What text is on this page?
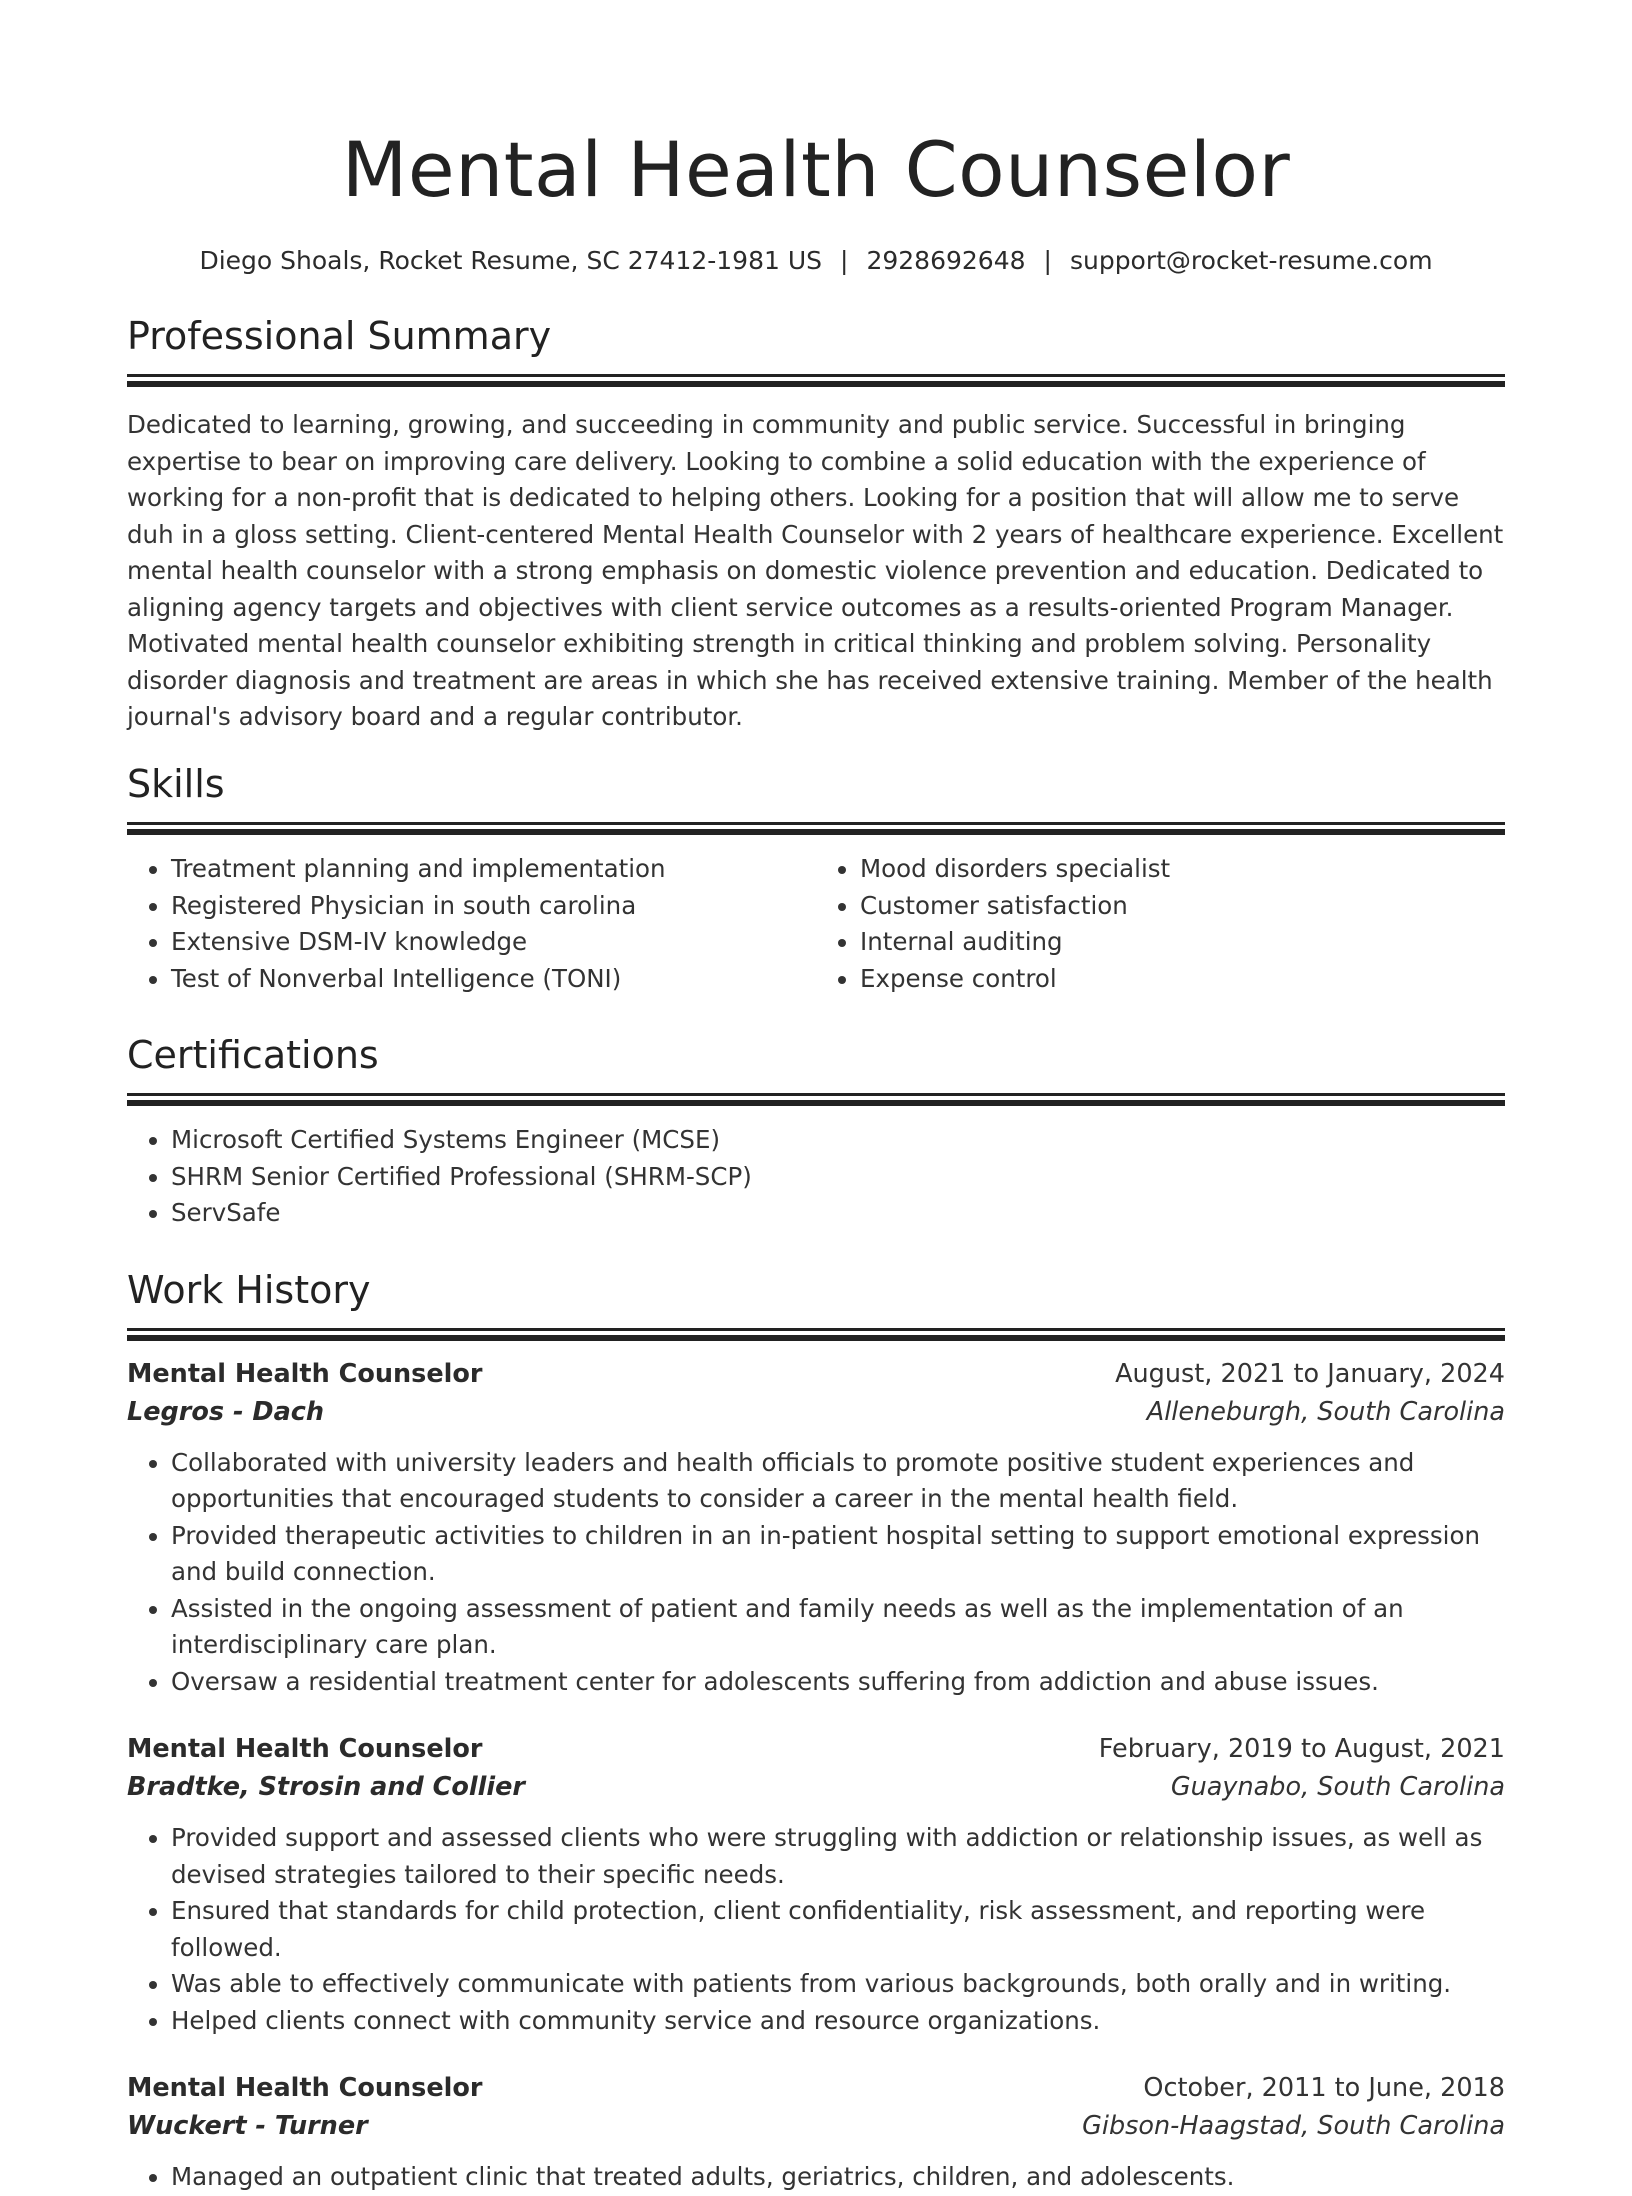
Mental Health Counselor
Diego Shoals, Rocket Resume, SC 27412-1981 US | 2928692648 | support@rocket-resume.com
Professional Summary

Dedicated to learning, growing, and succeeding in community and public service. Successful in bringing expertise to bear on improving care delivery. Looking to combine a solid education with the experience of working for a non-profit that is dedicated to helping others. Looking for a position that will allow me to serve duh in a gloss setting. Client-centered Mental Health Counselor with 2 years of healthcare experience. Excellent mental health counselor with a strong emphasis on domestic violence prevention and education. Dedicated to aligning agency targets and objectives with client service outcomes as a results-oriented Program Manager. Motivated mental health counselor exhibiting strength in critical thinking and problem solving. Personality disorder diagnosis and treatment are areas in which she has received extensive training. Member of the health journal's advisory board and a regular contributor.

Skills
• Treatment planning and implementation
• Registered Physician in south carolina
• Extensive DSM-IV knowledge
• Test of Nonverbal Intelligence (TONI)
• Mood disorders specialist
• Customer satisfaction
• Internal auditing
• Expense control
Certifications
• Microsoft Certified Systems Engineer (MCSE)
• SHRM Senior Certified Professional (SHRM-SCP)
• ServSafe
Work History
Mental Health Counselor	August, 2021 to January, 2024
Legros - Dach	Alleneburgh, South Carolina
• Collaborated with university leaders and health officials to promote positive student experiences and opportunities that encouraged students to consider a career in the mental health field.
• Provided therapeutic activities to children in an in-patient hospital setting to support emotional expression and build connection.
• Assisted in the ongoing assessment of patient and family needs as well as the implementation of an interdisciplinary care plan.
• Oversaw a residential treatment center for adolescents suffering from addiction and abuse issues.
Mental Health Counselor	February, 2019 to August, 2021
Bradtke, Strosin and Collier	Guaynabo, South Carolina
• Provided support and assessed clients who were struggling with addiction or relationship issues, as well as devised strategies tailored to their specific needs.
• Ensured that standards for child protection, client confidentiality, risk assessment, and reporting were followed.
• Was able to effectively communicate with patients from various backgrounds, both orally and in writing.
• Helped clients connect with community service and resource organizations.
Mental Health Counselor	October, 2011 to June, 2018
Wuckert - Turner	Gibson-Haagstad, South Carolina
• Managed an outpatient clinic that treated adults, geriatrics, children, and adolescents.
